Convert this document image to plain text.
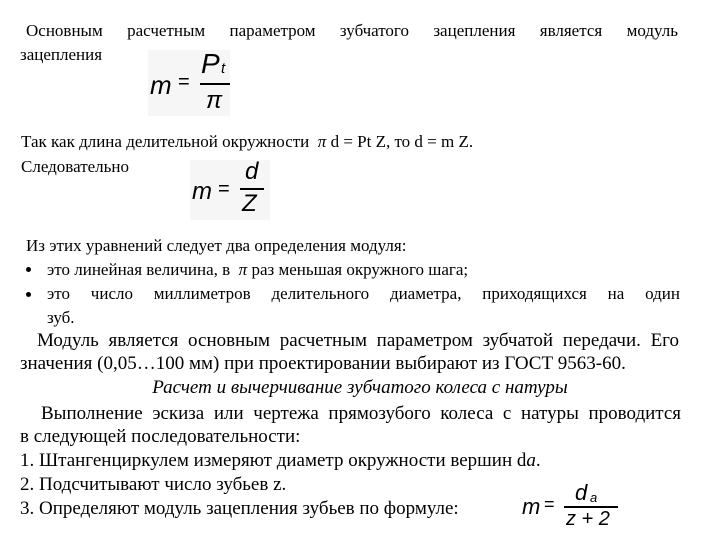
Основным расчетным параметром зубчатого зацепления является модуль
зацепления
m =
P t
π
Так как длина делительной окружности π d = Pt Z, то d = m Z.
Следовательно
m =
d
Z
Из этих уравнений следует два определения модуля:
это линейная величина, в π раз меньшая окружного шага;
это число миллиметров делительного диаметра, приходящихся на один
зуб.
Модуль является основным расчетным параметром зубчатой передачи. Его
значения (0,05…100 мм) при проектировании выбирают из ГОСТ 9563-60.
Расчет и вычерчивание зубчатого колеса с натуры
Выполнение эскиза или чертежа прямозубого колеса с натуры проводится
в следующей последовательности:
1. Штангенциркулем измеряют диаметр окружности вершин da.
2. Подсчитывают число зубьев z.
3. Определяют модуль зацепления зубьев по формуле:	m = d a
z + 2
